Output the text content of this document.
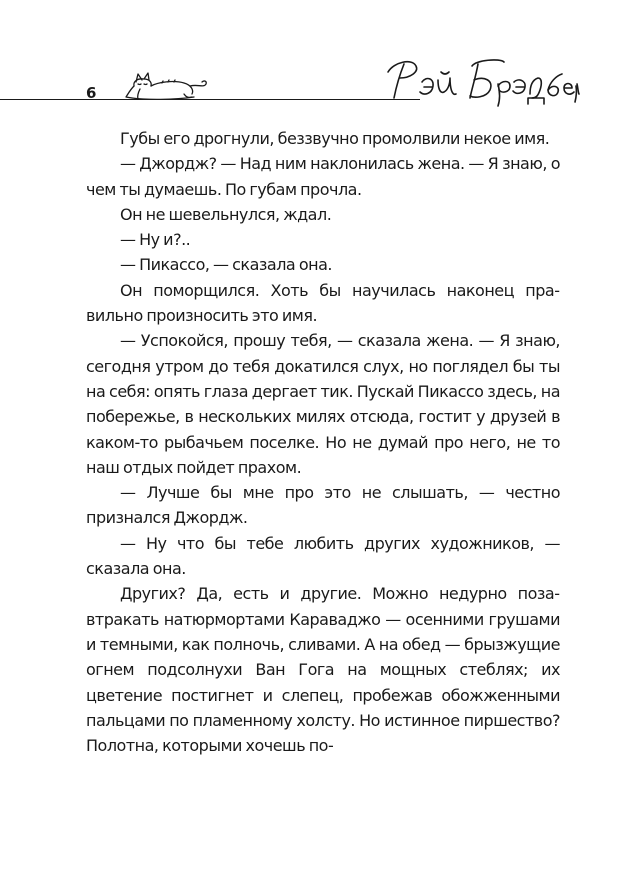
6

Губы его дрогнули, беззвучно промолвили некое имя.

— Джордж? — Над ним наклонилась жена. — Я знаю, о чем ты думаешь. По губам прочла.

Он не шевельнулся, ждал.

— Ну и?..

— Пикассо, — сказала она.

Он поморщился. Хоть бы научилась наконец правильно произносить это имя.

— Успокойся, прошу тебя, — сказала жена. — Я знаю, сегодня утром до тебя докатился слух, но поглядел бы ты на себя: опять глаза дергает тик. Пускай Пикассо здесь, на побережье, в нескольких милях отсюда, гостит у друзей в каком-то рыбачьем поселке. Но не думай про него, не то наш отдых пойдет прахом.

— Лучше бы мне про это не слышать, — честно признался Джордж.

— Ну что бы тебе любить других художников, — сказала она.

Других? Да, есть и другие. Можно недурно позавтракать натюрмортами Караваджо — осенними грушами и темными, как полночь, сливами. А на обед — брызжущие огнем подсолнухи Ван Гога на мощных стеблях; их цветение постигнет и слепец, пробежав обожженными пальцами по пламенному холсту. Но истинное пиршество? Полотна, которыми хочешь по-
